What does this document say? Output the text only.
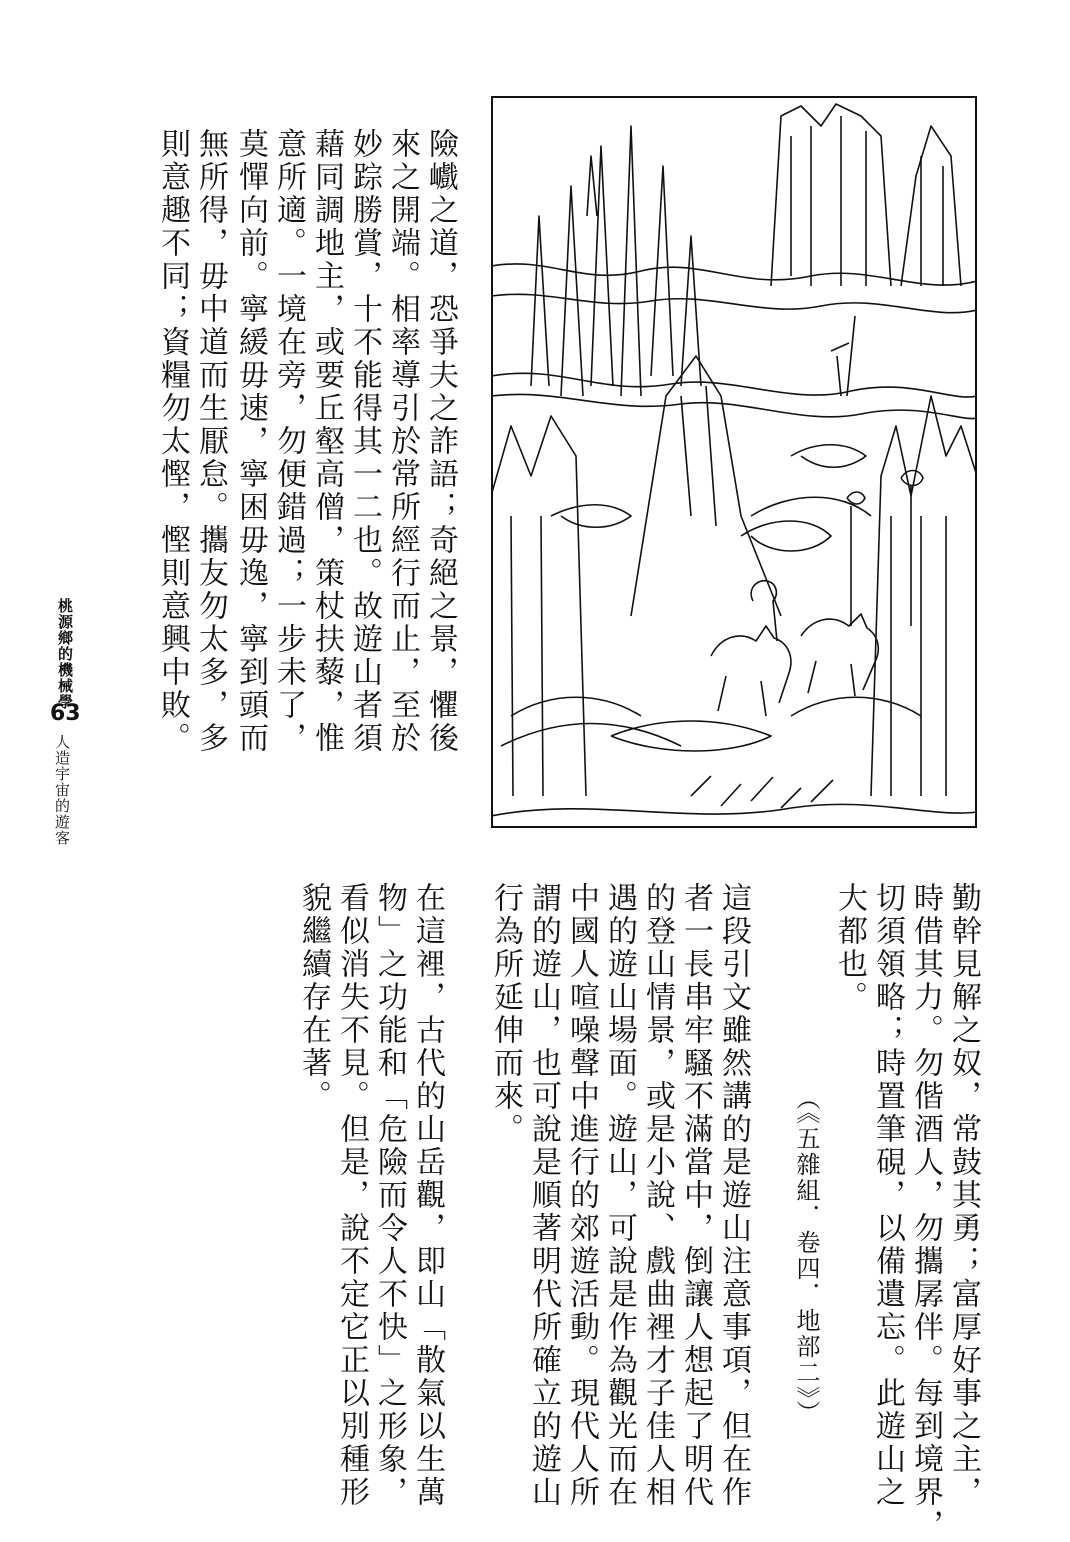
險巇之道，恐爭夫之詐語；奇絕之景，懼後
來之開端。相率導引於常所經行而止，至於
妙踪勝賞，十不能得其一二也。故遊山者須
藉同調地主，或要丘壑高僧，策杖扶藜，惟
意所適。一境在旁，勿便錯過；一步未了，
莫憚向前。寧緩毋速，寧困毋逸，寧到頭而
無所得，毋中道而生厭怠。攜友勿太多，多
則意趣不同；資糧勿太慳，慳則意興中敗。
勤幹見解之奴，常鼓其勇；富厚好事之主，
時借其力。勿偕酒人，勿攜孱伴。每到境界，
切須領略；時置筆硯，以備遺忘。此遊山之
大都也。
（《五雜組．卷四．地部二》）
這段引文雖然講的是遊山注意事項，但在作
者一長串牢騷不滿當中，倒讓人想起了明代
的登山情景，或是小說、戲曲裡才子佳人相
遇的遊山場面。遊山，可說是作為觀光而在
中國人喧噪聲中進行的郊遊活動。現代人所
謂的遊山，也可說是順著明代所確立的遊山
行為所延伸而來。
在這裡，古代的山岳觀，即山「散氣以生萬
物」之功能和「危險而令人不快」之形象，
看似消失不見。但是，說不定它正以別種形
貌繼續存在著。
桃源鄉的機械學
63
人造宇宙的遊客
